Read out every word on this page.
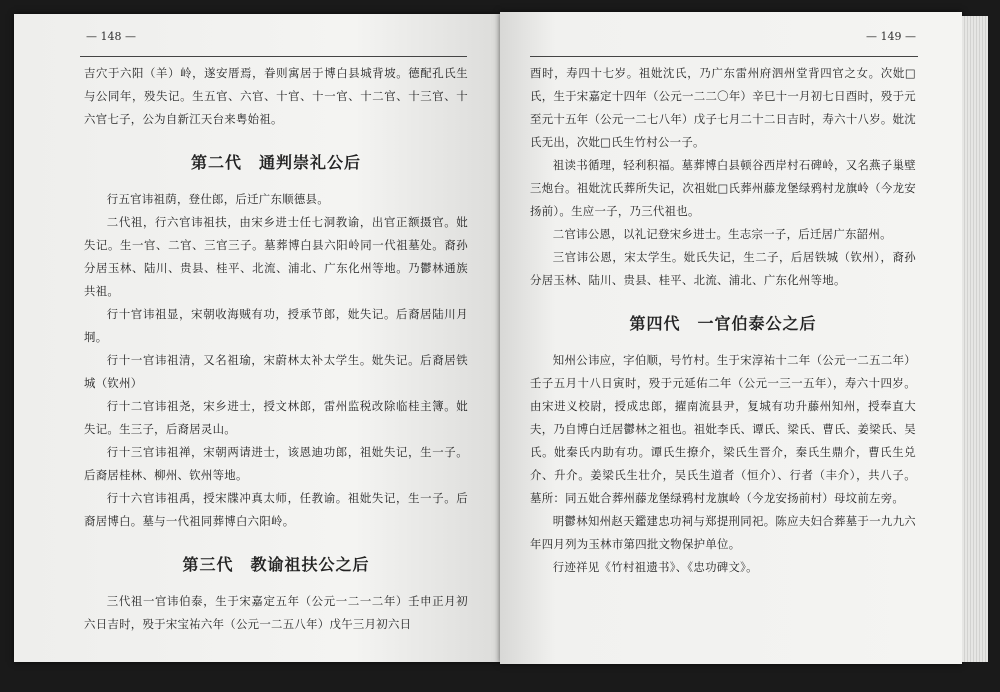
— 148 —

吉穴于六阳（羊）岭，遂安厝焉，眷则寓居于博白县城背坡。德配孔氏生与公同年，殁失记。生五官、六官、十官、十一官、十二官、十三官、十六官七子，公为自新江天台来粤始祖。

第二代　通判崇礼公后

行五官讳祖荫，登仕郎，后迁广东顺德县。

二代祖，行六官讳祖扶，由宋乡进士任七洞教谕，出官正额摄官。妣失记。生一官、二官、三官三子。墓葬博白县六阳岭同一代祖墓处。裔孙分居玉林、陆川、贵县、桂平、北流、浦北、广东化州等地。乃鬱林通族共祖。

行十官讳祖显，宋朝收海贼有功，授承节郎，妣失记。后裔居陆川月垌。

行十一官讳祖清，又名祖瑜，宋蔚林太补太学生。妣失记。后裔居铁城（钦州）

行十二官讳祖尧，宋乡进士，授文林郎，雷州监税改除临桂主簿。妣失记。生三子，后裔居灵山。

行十三官讳祖禅，宋朝两请进士，该恩迪功郎，祖妣失记，生一子。后裔居桂林、柳州、钦州等地。

行十六官讳祖禹，授宋牒冲真太师，任教谕。祖妣失记，生一子。后裔居博白。墓与一代祖同葬博白六阳岭。

第三代　教谕祖扶公之后

三代祖一官讳伯泰，生于宋嘉定五年（公元一二一二年）壬申正月初六日吉时，殁于宋宝祐六年（公元一二五八年）戊午三月初六日

— 149 —

酉时，寿四十七岁。祖妣沈氏，乃广东雷州府泗州堂背四官之女。次妣□氏，生于宋嘉定十四年（公元一二二〇年）辛巳十一月初七日酉时，殁于元至元十五年（公元一二七八年）戊子七月二十二日吉时，寿六十八岁。妣沈氏无出，次妣□氏生竹村公一子。

祖读书循理，轻利积福。墓葬博白县顿谷西岸村石碑岭，又名燕子巢壁三炮台。祖妣沈氏葬所失记，次祖妣□氏葬州藤龙堡绿鸦村龙旗岭（今龙安扬前）。生应一子，乃三代祖也。

二官讳公恩，以礼记登宋乡进士。生志宗一子，后迁居广东韶州。

三官讳公恩，宋太学生。妣氏失记，生二子，后居铁城（钦州），裔孙分居玉林、陆川、贵县、桂平、北流、浦北、广东化州等地。

第四代　一官伯泰公之后

知州公讳应，字伯顺，号竹村。生于宋淳祐十二年（公元一二五二年）壬子五月十八日寅时，殁于元延佑二年（公元一三一五年），寿六十四岁。由宋进义校尉，授成忠郎，擢南流县尹，复城有功升藤州知州，授奉直大夫，乃自博白迁居鬱林之祖也。祖妣李氏、谭氏、梁氏、曹氏、姜梁氏、吴氏。妣秦氏内助有功。谭氏生撩介，梁氏生晋介，秦氏生鼎介，曹氏生兑介、升介。姜梁氏生壮介，吴氏生道者（恒介）、行者（丰介），共八子。墓所：同五妣合葬州藤龙堡绿鸦村龙旗岭（今龙安扬前村）母坟前左旁。

明鬱林知州赵天鑑建忠功祠与郑提刑同祀。陈应夫妇合葬墓于一九九六年四月列为玉林市第四批文物保护单位。

行迹祥见《竹村祖遗书》、《忠功碑文》。
